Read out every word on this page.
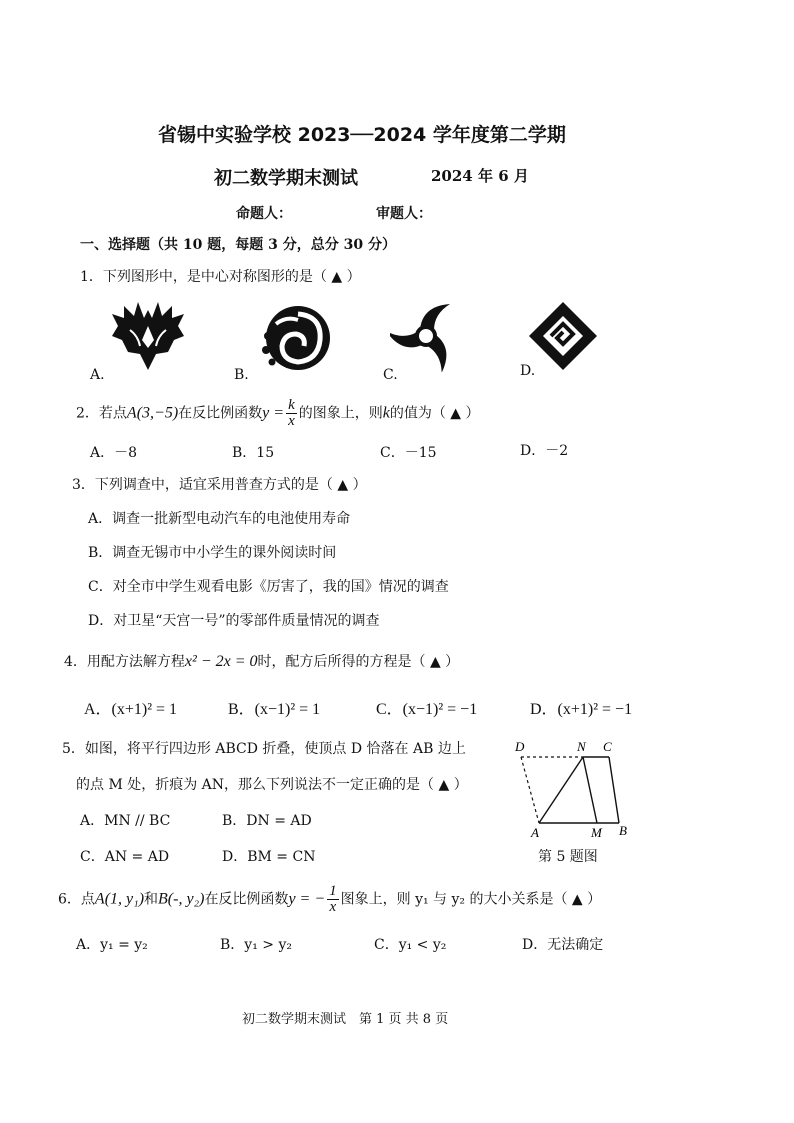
省锡中实验学校 2023──2024 学年度第二学期
初二数学期末测试	2024 年 6 月
命题人：	审题人：
一、选择题（共 10 题，每题 3 分，总分 30 分）
1．下列图形中，是中心对称图形的是（ ▲ ）
A.	B.	C.	D.
2．若点A(3,−5)在反比例函数$y = \frac{k}{x}$ 的图象上，则k的值为（ ▲ ）
A．－8	B．15	C．－15	D．－2
3．下列调查中，适宜采用普查方式的是（ ▲ ）
A．调查一批新型电动汽车的电池使用寿命
B．调查无锡市中小学生的课外阅读时间
C．对全市中学生观看电影《厉害了，我的国》情况的调查
D．对卫星“天宫一号”的零部件质量情况的调查
4．用配方法解方程x² − 2x = 0时，配方后所得的方程是（ ▲ ）
A．(x+1)² = 1	B．(x−1)² = 1	C．(x−1)² = −1	D．(x+1)² = −1
5．如图，将平行四边形 ABCD 折叠，使顶点 D 恰落在 AB 边上
的点 M 处，折痕为 AN，那么下列说法不一定正确的是（ ▲ ）
A．MN // BC	B．DN = AD
C．AN = AD	D．BM = CN
D	N C
A	M B
第 5 题图
6．点A(1, y₁)和B(-, y₂)在反比例函数y = − $\frac{1}{x}$ 图象上，则 y₁ 与 y₂ 的大小关系是（ ▲ ）
A．y₁ = y₂	B．y₁ > y₂	C．y₁ < y₂	D．无法确定
初二数学期末测试　第 1 页 共 8 页
